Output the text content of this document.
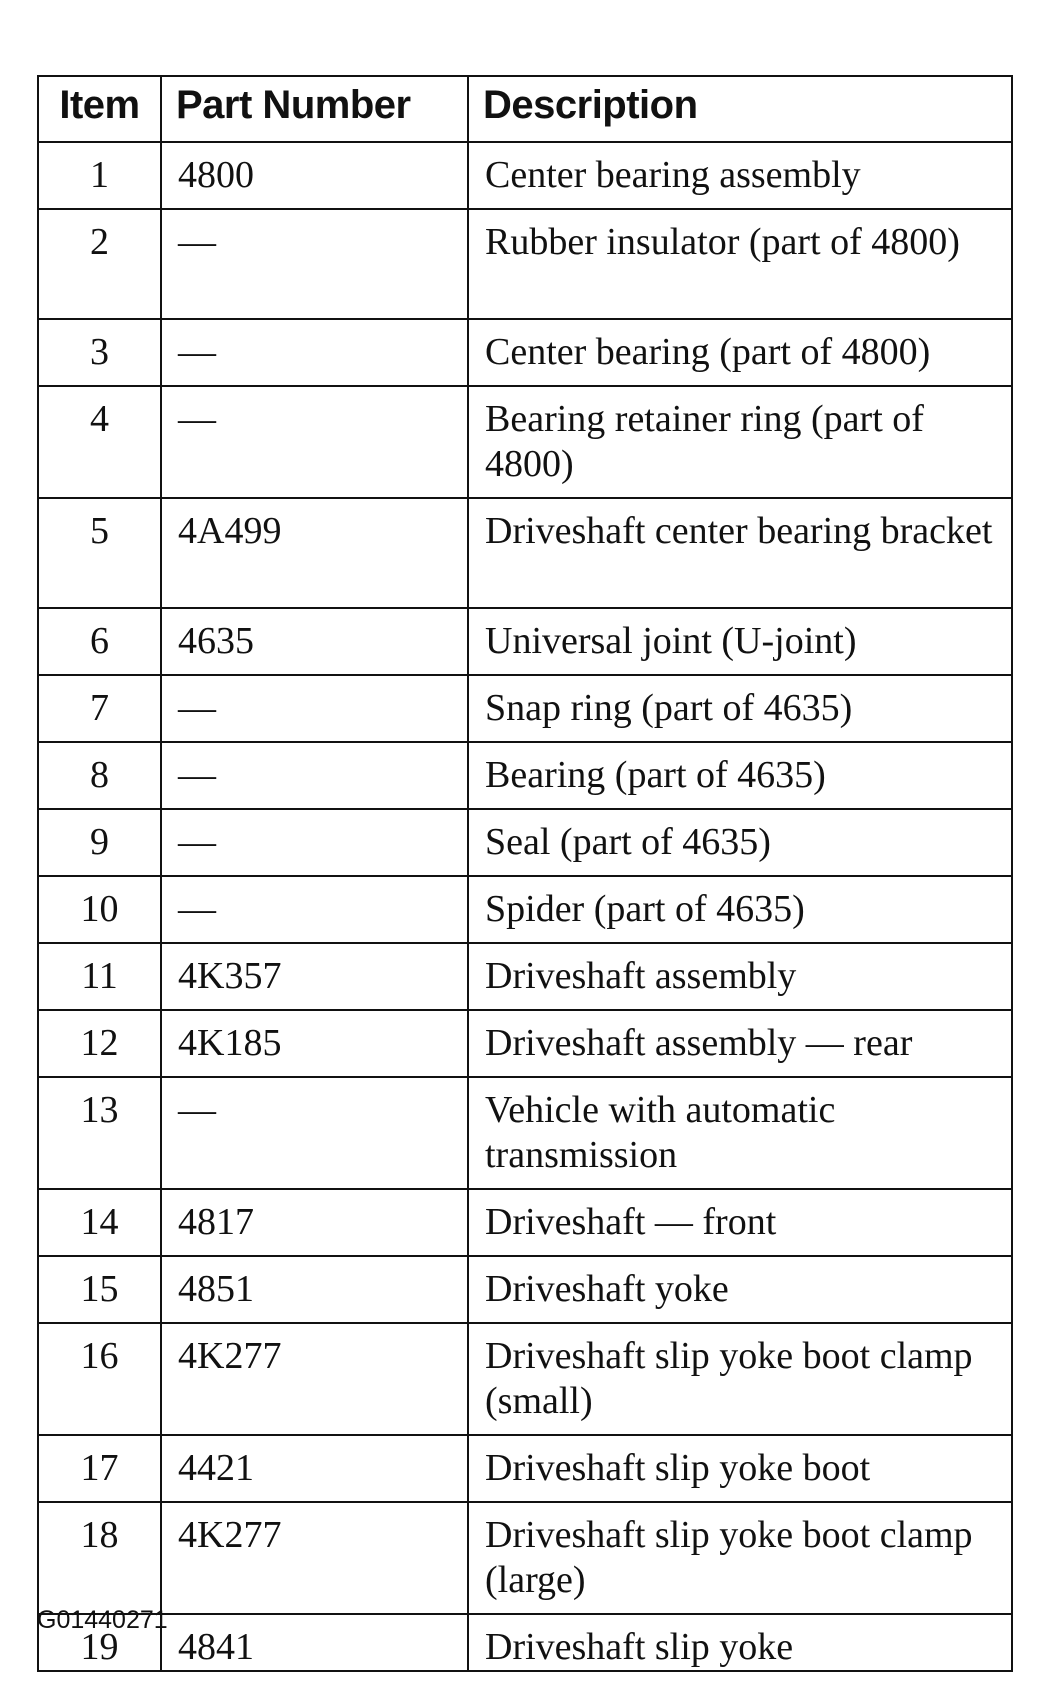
Item	Part Number	Description
1	4800	Center bearing assembly
2	—	Rubber insulator (part of 4800)
3	—	Center bearing (part of 4800)
4	—	Bearing retainer ring (part of 4800)
5	4A499	Driveshaft center bearing bracket
6	4635	Universal joint (U-joint)
7	—	Snap ring (part of 4635)
8	—	Bearing (part of 4635)
9	—	Seal (part of 4635)
10	—	Spider (part of 4635)
11	4K357	Driveshaft assembly
12	4K185	Driveshaft assembly — rear
13	—	Vehicle with automatic transmission
14	4817	Driveshaft — front
15	4851	Driveshaft yoke
16	4K277	Driveshaft slip yoke boot clamp (small)
17	4421	Driveshaft slip yoke boot
18	4K277	Driveshaft slip yoke boot clamp (large)
19	4841	Driveshaft slip yoke
G01440271
